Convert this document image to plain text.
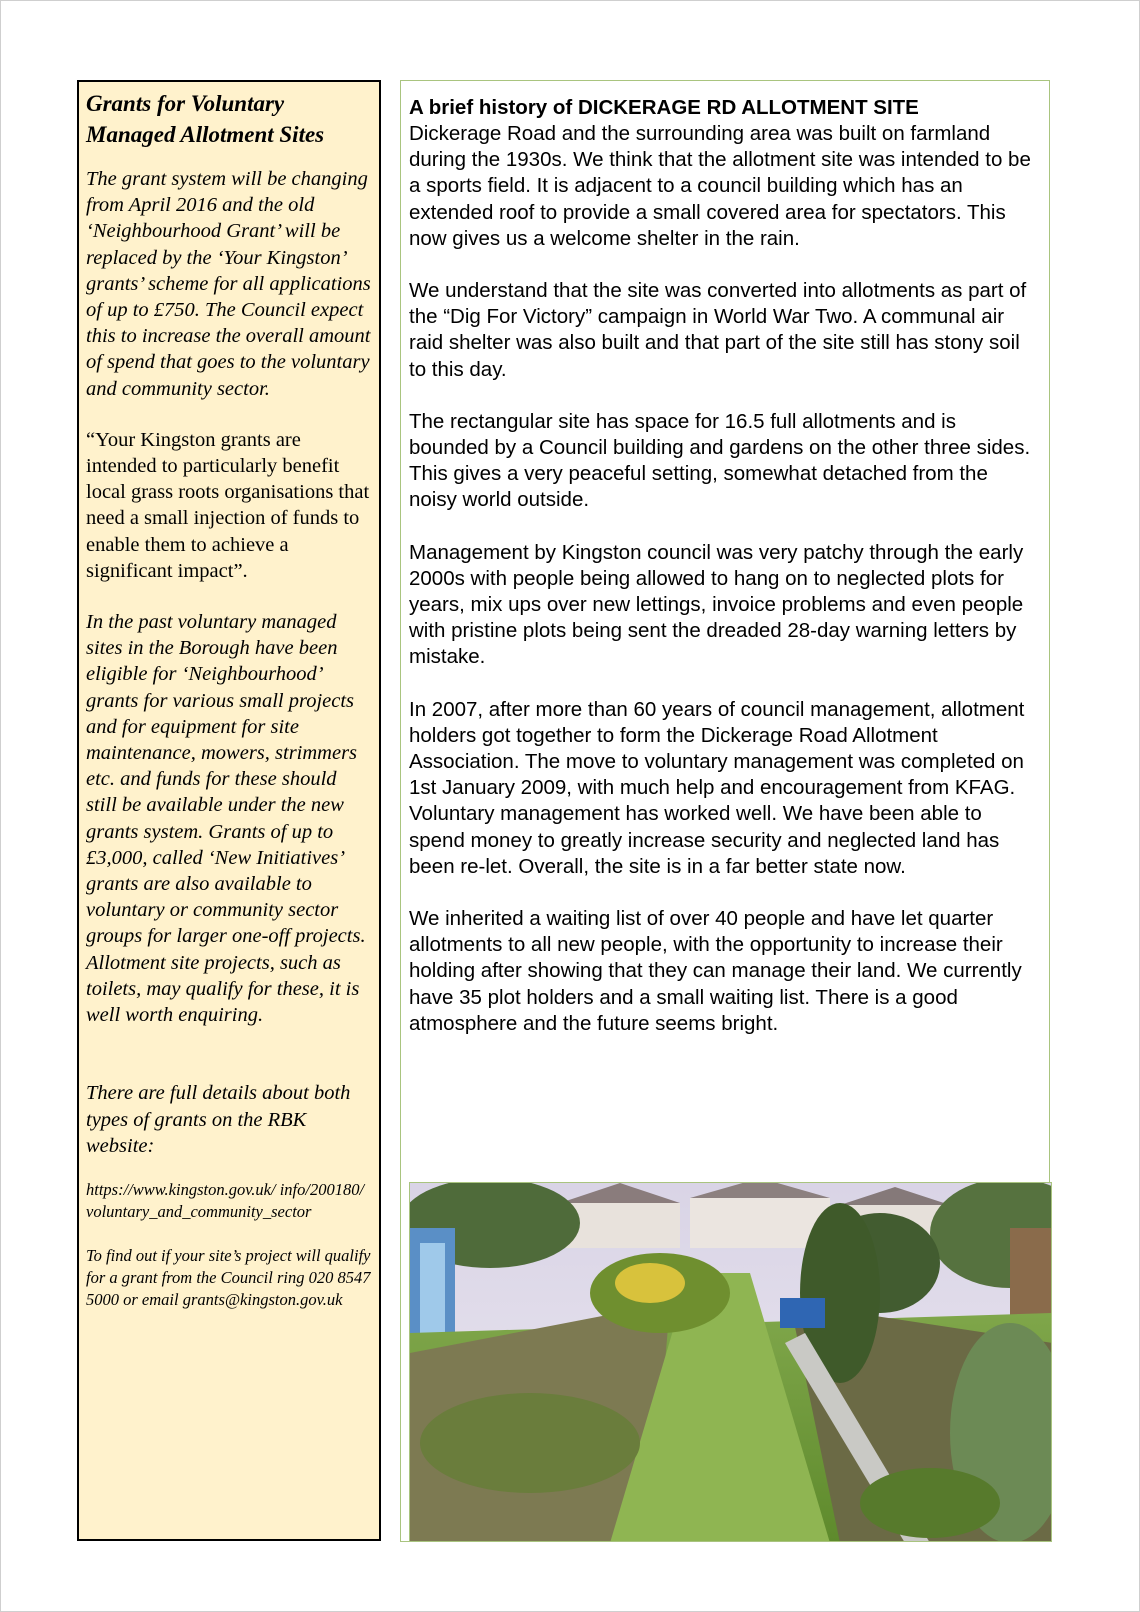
Grants for Voluntary Managed Allotment Sites

The grant system will be changing from April 2016 and the old ‘Neighbourhood Grant’ will be replaced by the ‘Your Kingston’ grants’ scheme for all applications of up to £750. The Council expect this to increase the overall amount of spend that goes to the voluntary and community sector.

“Your Kingston grants are intended to particularly benefit local grass roots organisations that need a small injection of funds to enable them to achieve a significant impact”.

In the past voluntary managed sites in the Borough have been eligible for ‘Neighbourhood’ grants for various small projects and for equipment for site maintenance, mowers, strimmers etc. and funds for these should still be available under the new grants system. Grants of up to £3,000, called ‘New Initiatives’ grants are also available to voluntary or community sector groups for larger one-off projects. Allotment site projects, such as toilets, may qualify for these, it is well worth enquiring.

There are full details about both types of grants on the RBK website:

https://www.kingston.gov.uk/ info/200180/ voluntary_and_community_sector

To find out if your site’s project will qualify for a grant from the Council ring 020 8547 5000 or email grants@kingston.gov.uk

A brief history of DICKERAGE RD ALLOTMENT SITE

Dickerage Road and the surrounding area was built on farmland during the 1930s. We think that the allotment site was intended to be a sports field. It is adjacent to a council building which has an extended roof to provide a small covered area for spectators. This now gives us a welcome shelter in the rain.

We understand that the site was converted into allotments as part of the “Dig For Victory” campaign in World War Two. A communal air raid shelter was also built and that part of the site still has stony soil to this day.

The rectangular site has space for 16.5 full allotments and is bounded by a Council building and gardens on the other three sides. This gives a very peaceful setting, somewhat detached from the noisy world outside.

Management by Kingston council was very patchy through the early 2000s with people being allowed to hang on to neglected plots for years, mix ups over new lettings, invoice problems and even people with pristine plots being sent the dreaded 28-day warning letters by mistake.

In 2007, after more than 60 years of council management, allotment holders got together to form the Dickerage Road Allotment Association. The move to voluntary management was completed on 1st January 2009, with much help and encouragement from KFAG.

Voluntary management has worked well. We have been able to spend money to greatly increase security and neglected land has been re-let. Overall, the site is in a far better state now.

We inherited a waiting list of over 40 people and have let quarter allotments to all new people, with the opportunity to increase their holding after showing that they can manage their land. We currently have 35 plot holders and a small waiting list. There is a good atmosphere and the future seems bright.
